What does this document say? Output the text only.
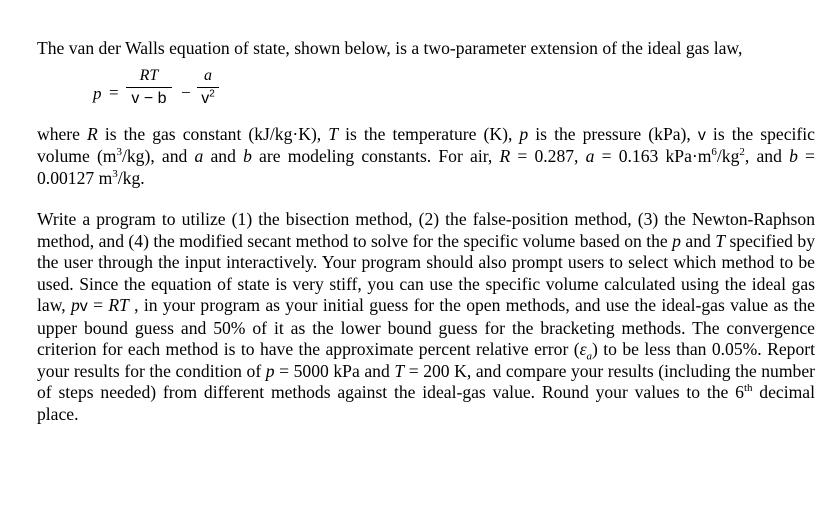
The van der Walls equation of state, shown below, is a two-parameter extension of the ideal gas law,

p =
RT
v − b −
a
$v^2$

where R is the gas constant (kJ/kg·K), T is the temperature (K), p is the pressure (kPa), v is the specific volume $(m^3/kg)$, and a and b are modeling constants. For air, R = 0.287, a = 0.163 $kPa\cdot m^6/kg^2$, and b = 0.00127 $m^3/kg$.

Write a program to utilize (1) the bisection method, (2) the false-position method, (3) the Newton-Raphson method, and (4) the modified secant method to solve for the specific volume based on the p and T specified by the user through the input interactively. Your program should also prompt users to select which method to be used. Since the equation of state is very stiff, you can use the specific volume calculated using the ideal gas law, pv = RT , in your program as your initial guess for the open methods, and use the ideal-gas value as the upper bound guess and 50% of it as the lower bound guess for the bracketing methods. The convergence criterion for each method is to have the approximate percent relative error $(\varepsilon_a)$ to be less than 0.05%. Report your results for the condition of p = 5000 kPa and T = 200 K, and compare your results (including the number of steps needed) from different methods against the ideal-gas value. Round your values to the 6th decimal place.
